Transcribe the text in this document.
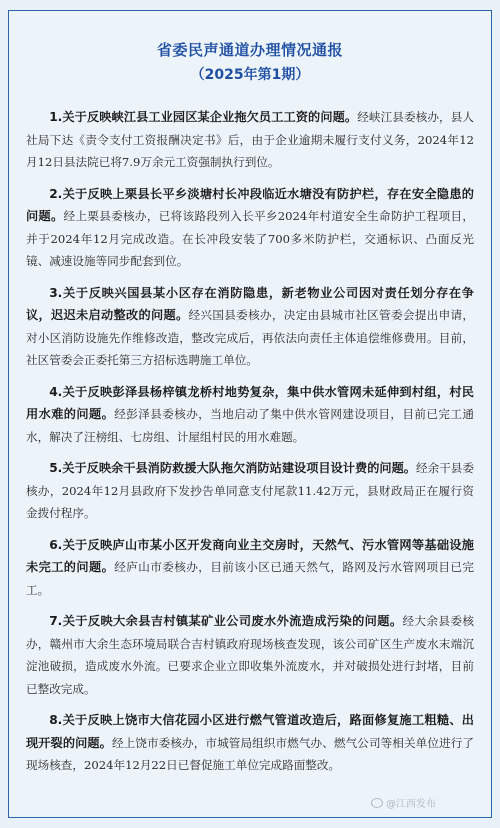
省委民声通道办理情况通报
（2025年第1期）

1.关于反映峡江县工业园区某企业拖欠员工工资的问题。经峡江县委核办，县人社局下达《责令支付工资报酬决定书》后，由于企业逾期未履行支付义务，2024年12月12日县法院已将7.9万余元工资强制执行到位。

2.关于反映上栗县长平乡淡塘村长冲段临近水塘没有防护栏，存在安全隐患的问题。经上栗县委核办，已将该路段列入长平乡2024年村道安全生命防护工程项目，并于2024年12月完成改造。在长冲段安装了700多米防护栏，交通标识、凸面反光镜、减速设施等同步配套到位。

3.关于反映兴国县某小区存在消防隐患，新老物业公司因对责任划分存在争议，迟迟未启动整改的问题。经兴国县委核办，决定由县城市社区管委会提出申请，对小区消防设施先作维修改造，整改完成后，再依法向责任主体追偿维修费用。目前，社区管委会正委托第三方招标选聘施工单位。

4.关于反映彭泽县杨梓镇龙桥村地势复杂，集中供水管网未延伸到村组，村民用水难的问题。经彭泽县委核办，当地启动了集中供水管网建设项目，目前已完工通水，解决了汪榜组、七房组、计屋组村民的用水难题。

5.关于反映余干县消防救援大队拖欠消防站建设项目设计费的问题。经余干县委核办，2024年12月县政府下发抄告单同意支付尾款11.42万元，县财政局正在履行资金拨付程序。

6.关于反映庐山市某小区开发商向业主交房时，天然气、污水管网等基础设施未完工的问题。经庐山市委核办，目前该小区已通天然气，路网及污水管网项目已完工。

7.关于反映大余县吉村镇某矿业公司废水外流造成污染的问题。经大余县委核办，赣州市大余生态环境局联合吉村镇政府现场核查发现，该公司矿区生产废水末端沉淀池破损，造成废水外流。已要求企业立即收集外流废水，并对破损处进行封堵，目前已整改完成。

8.关于反映上饶市大信花园小区进行燃气管道改造后，路面修复施工粗糙、出现开裂的问题。经上饶市委核办，市城管局组织市燃气办、燃气公司等相关单位进行了现场核查，2024年12月22日已督促施工单位完成路面整改。

@江西发布
